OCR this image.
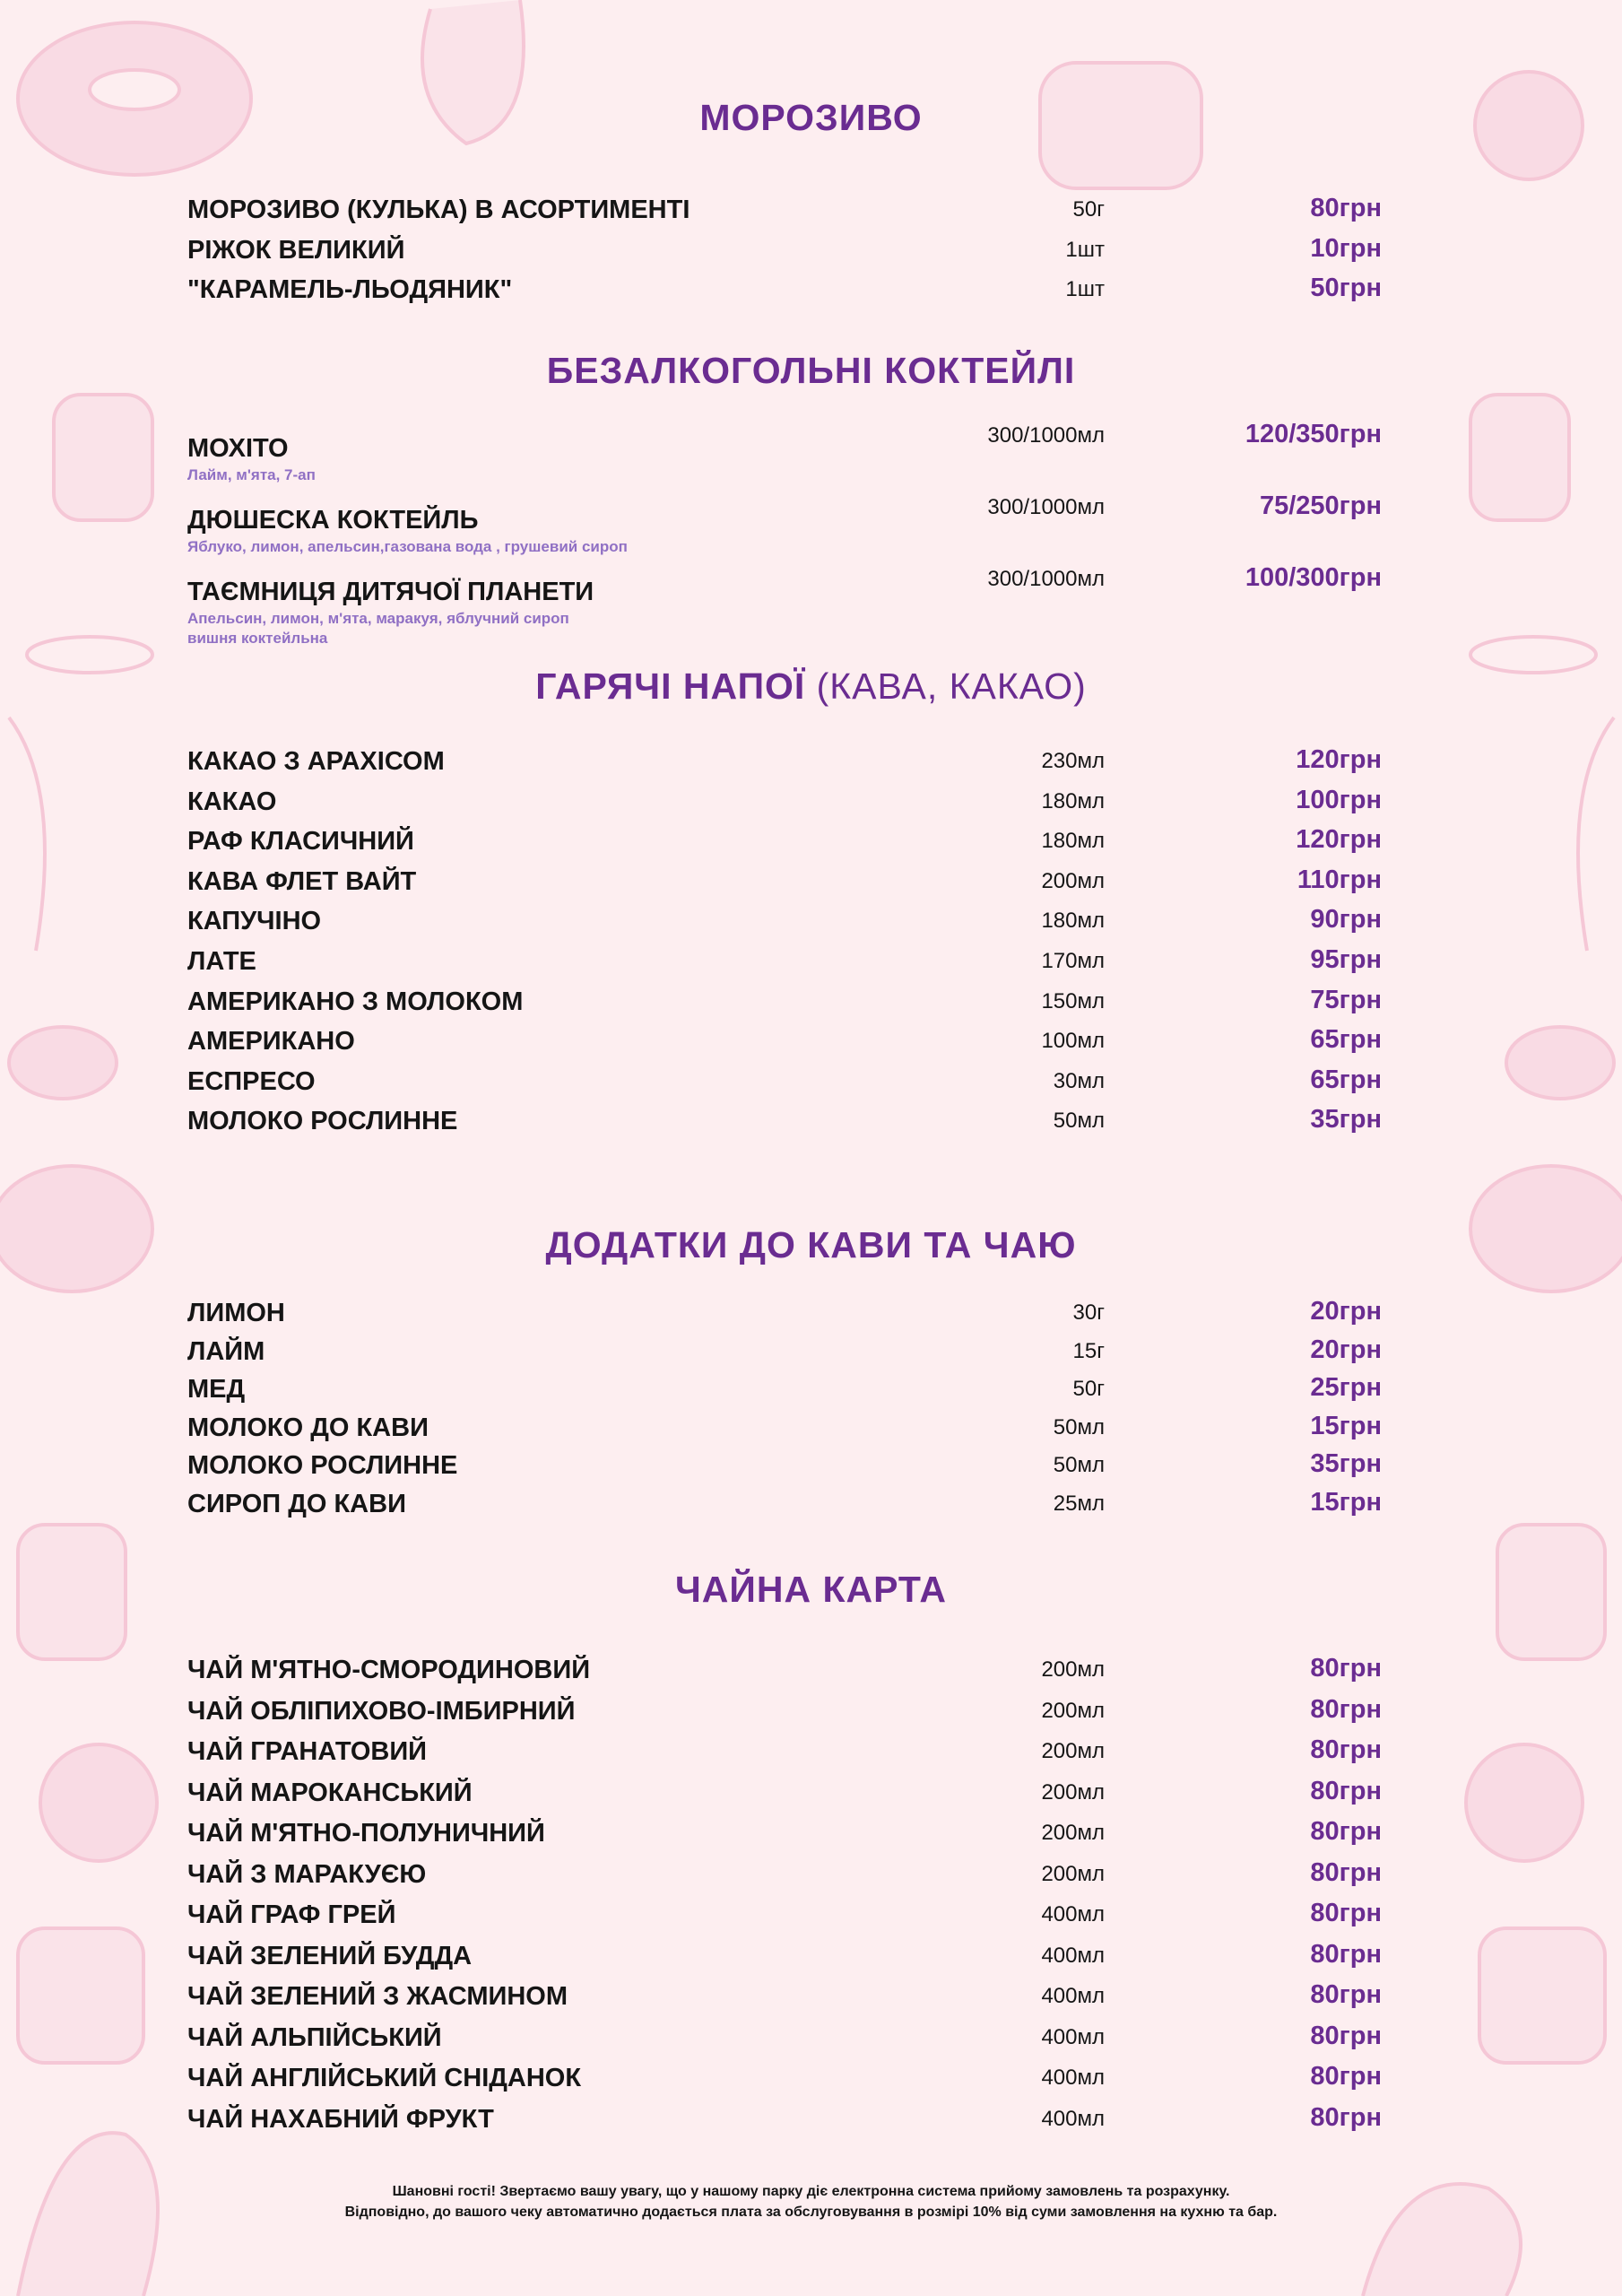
МОРОЗИВО
МОРОЗИВО (КУЛЬКА) В АСОРТИМЕНТІ	50г	80грн
РІЖОК ВЕЛИКИЙ	1шт	10грн
"КАРАМЕЛЬ-ЛЬОДЯНИК"	1шт	50грн
БЕЗАЛКОГОЛЬНІ КОКТЕЙЛІ
МОХІТО	300/1000мл	120/350грн
Лайм, м'ята, 7-ап
ДЮШЕСКА КОКТЕЙЛЬ	300/1000мл	75/250грн
Яблуко, лимон, апельсин,газована вода , грушевий сироп
ТАЄМНИЦЯ ДИТЯЧОЇ ПЛАНЕТИ	300/1000мл	100/300грн
Апельсин, лимон, м'ята, маракуя, яблучний сироп
вишня коктейльна
ГАРЯЧІ НАПОЇ (КАВА, КАКАО)
КАКАО З АРАХІСОМ	230мл	120грн
КАКАО	180мл	100грн
РАФ КЛАСИЧНИЙ	180мл	120грн
КАВА ФЛЕТ ВАЙТ	200мл	110грн
КАПУЧІНО	180мл	90грн
ЛАТЕ	170мл	95грн
АМЕРИКАНО З МОЛОКОМ	150мл	75грн
АМЕРИКАНО	100мл	65грн
ЕСПРЕСО	30мл	65грн
МОЛОКО РОСЛИННЕ	50мл	35грн
ДОДАТКИ ДО КАВИ ТА ЧАЮ
ЛИМОН	30г	20грн
ЛАЙМ	15г	20грн
МЕД	50г	25грн
МОЛОКО ДО КАВИ	50мл	15грн
МОЛОКО РОСЛИННЕ	50мл	35грн
СИРОП ДО КАВИ	25мл	15грн
ЧАЙНА КАРТА
ЧАЙ М'ЯТНО-СМОРОДИНОВИЙ	200мл	80грн
ЧАЙ ОБЛІПИХОВО-ІМБИРНИЙ	200мл	80грн
ЧАЙ ГРАНАТОВИЙ	200мл	80грн
ЧАЙ МАРОКАНСЬКИЙ	200мл	80грн
ЧАЙ М'ЯТНО-ПОЛУНИЧНИЙ	200мл	80грн
ЧАЙ З МАРАКУЄЮ	200мл	80грн
ЧАЙ ГРАФ ГРЕЙ	400мл	80грн
ЧАЙ ЗЕЛЕНИЙ БУДДА	400мл	80грн
ЧАЙ ЗЕЛЕНИЙ З ЖАСМИНОМ	400мл	80грн
ЧАЙ АЛЬПІЙСЬКИЙ	400мл	80грн
ЧАЙ АНГЛІЙСЬКИЙ СНІДАНОК	400мл	80грн
ЧАЙ НАХАБНИЙ ФРУКТ	400мл	80грн
Шановні гості! Звертаємо вашу увагу, що у нашому парку діє електронна система прийому замовлень та розрахунку.
Відповідно, до вашого чеку автоматично додається плата за обслуговування в розмірі 10% від суми замовлення на кухню та бар.
